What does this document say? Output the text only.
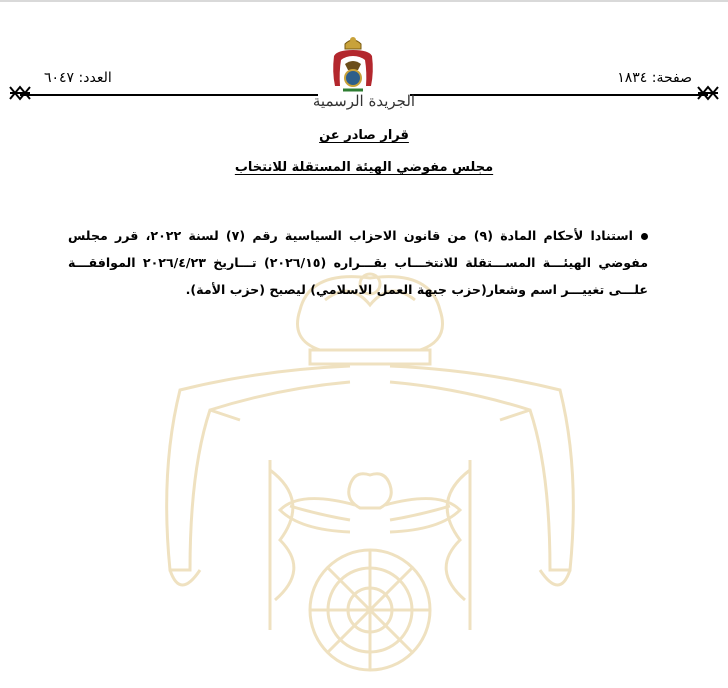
صفحة: ١٨٣٤
العدد: ٦٠٤٧
الجريدة الرسمية
قرار صادر عن
مجلس مفوضي الهيئة المستقلة للانتخاب
استنادا لأحكام المادة (٩) من قانون الاحزاب السياسية رقم (٧) لسنة ٢٠٢٢، قرر مجلس مفوضي الهيئـــة المســـتقلة للانتخـــاب بقـــراره (٢٠٢٦/١٥) تـــاريخ ٢٠٢٦/٤/٢٣ الموافقـــة علـــى تغييـــر اسم وشعار(حزب جبهة العمل الاسلامي) ليصبح (حزب الأمة).
